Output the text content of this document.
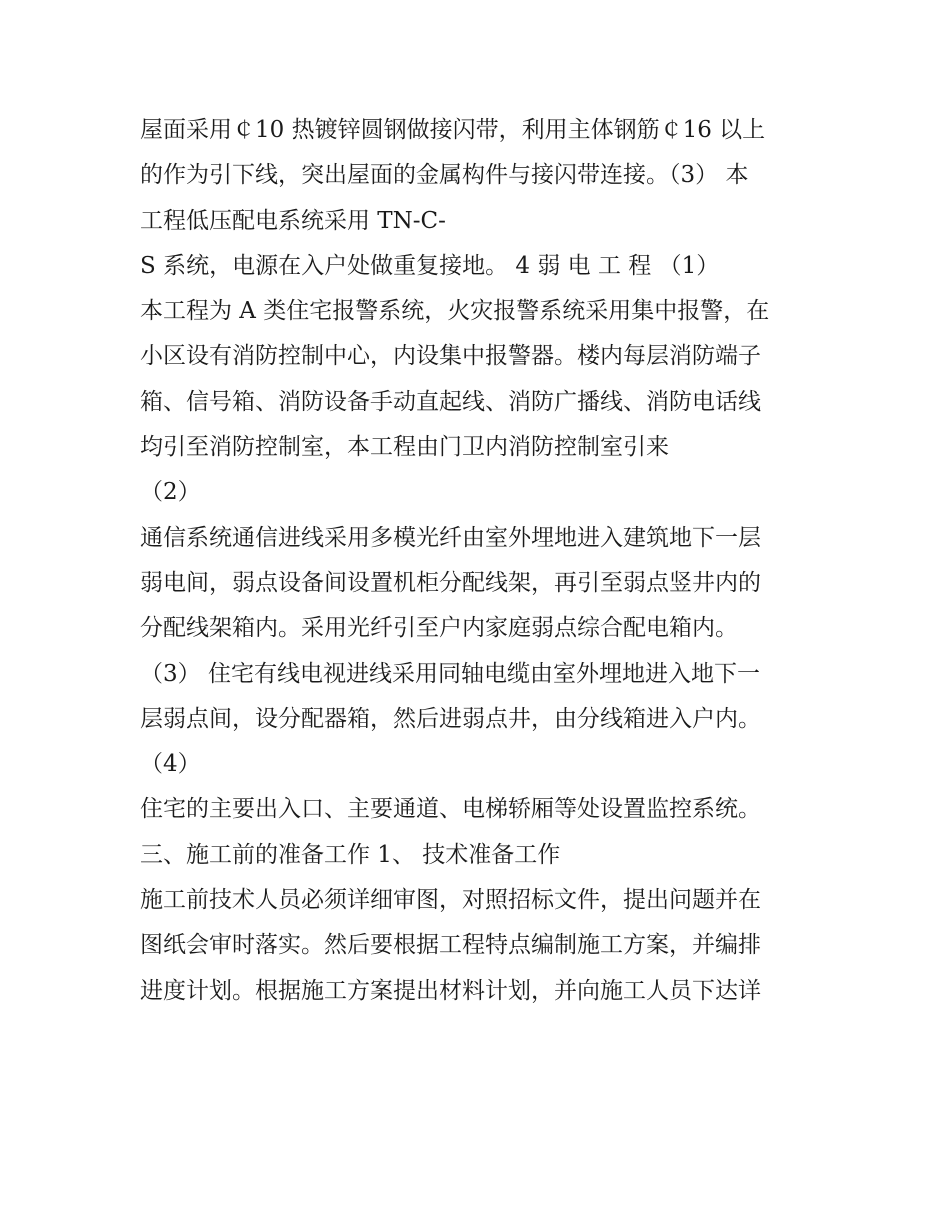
屋面采用￠10 热镀锌圆钢做接闪带，利用主体钢筋￠16 以上
的作为引下线，突出屋面的金属构件与接闪带连接。（3） 本
工程低压配电系统采用 TN-C-
S 系统，电源在入户处做重复接地。 4 弱 电 工 程 （1）
本工程为 A 类住宅报警系统，火灾报警系统采用集中报警，在
小区设有消防控制中心，内设集中报警器。楼内每层消防端子
箱、信号箱、消防设备手动直起线、消防广播线、消防电话线
均引至消防控制室，本工程由门卫内消防控制室引来
（2）
通信系统通信进线采用多模光纤由室外埋地进入建筑地下一层
弱电间，弱点设备间设置机柜分配线架，再引至弱点竖井内的
分配线架箱内。采用光纤引至户内家庭弱点综合配电箱内。
（3） 住宅有线电视进线采用同轴电缆由室外埋地进入地下一
层弱点间，设分配器箱，然后进弱点井，由分线箱进入户内。
（4）
住宅的主要出入口、主要通道、电梯轿厢等处设置监控系统。
三、施工前的准备工作 1、 技术准备工作
施工前技术人员必须详细审图，对照招标文件，提出问题并在
图纸会审时落实。然后要根据工程特点编制施工方案，并编排
进度计划。根据施工方案提出材料计划，并向施工人员下达详
